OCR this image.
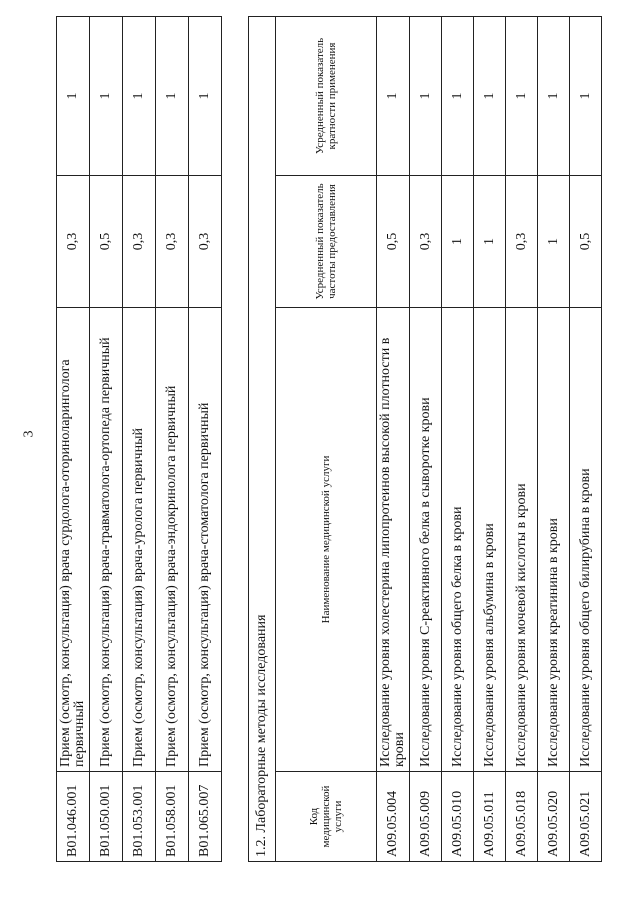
3
B01.046.001	Прием (осмотр, консультация) врача сурдолога-оториноларинголога первичный	0,3	1
B01.050.001	Прием (осмотр, консультация) врача-травматолога-ортопеда первичный	0,5	1
B01.053.001	Прием (осмотр, консультация) врача-уролога первичный	0,3	1
B01.058.001	Прием (осмотр, консультация) врача-эндокринолога первичный	0,3	1
B01.065.007	Прием (осмотр, консультация) врача-стоматолога первичный	0,3	1
1.2. Лабораторные методы исследования			
Код медицинской услуги	Наименование медицинской услуги	Усредненный показатель частоты предоставления	Усредненный показатель кратности применения
A09.05.004	Исследование уровня холестерина липопротеинов высокой плотности в крови	0,5	1
A09.05.009	Исследование уровня С-реактивного белка в сыворотке крови	0,3	1
A09.05.010	Исследование уровня общего белка в крови	1	1
A09.05.011	Исследование уровня альбумина в крови	1	1
A09.05.018	Исследование уровня мочевой кислоты в крови	0,3	1
A09.05.020	Исследование уровня креатинина в крови	1	1
A09.05.021	Исследование уровня общего билирубина в крови	0,5	1
